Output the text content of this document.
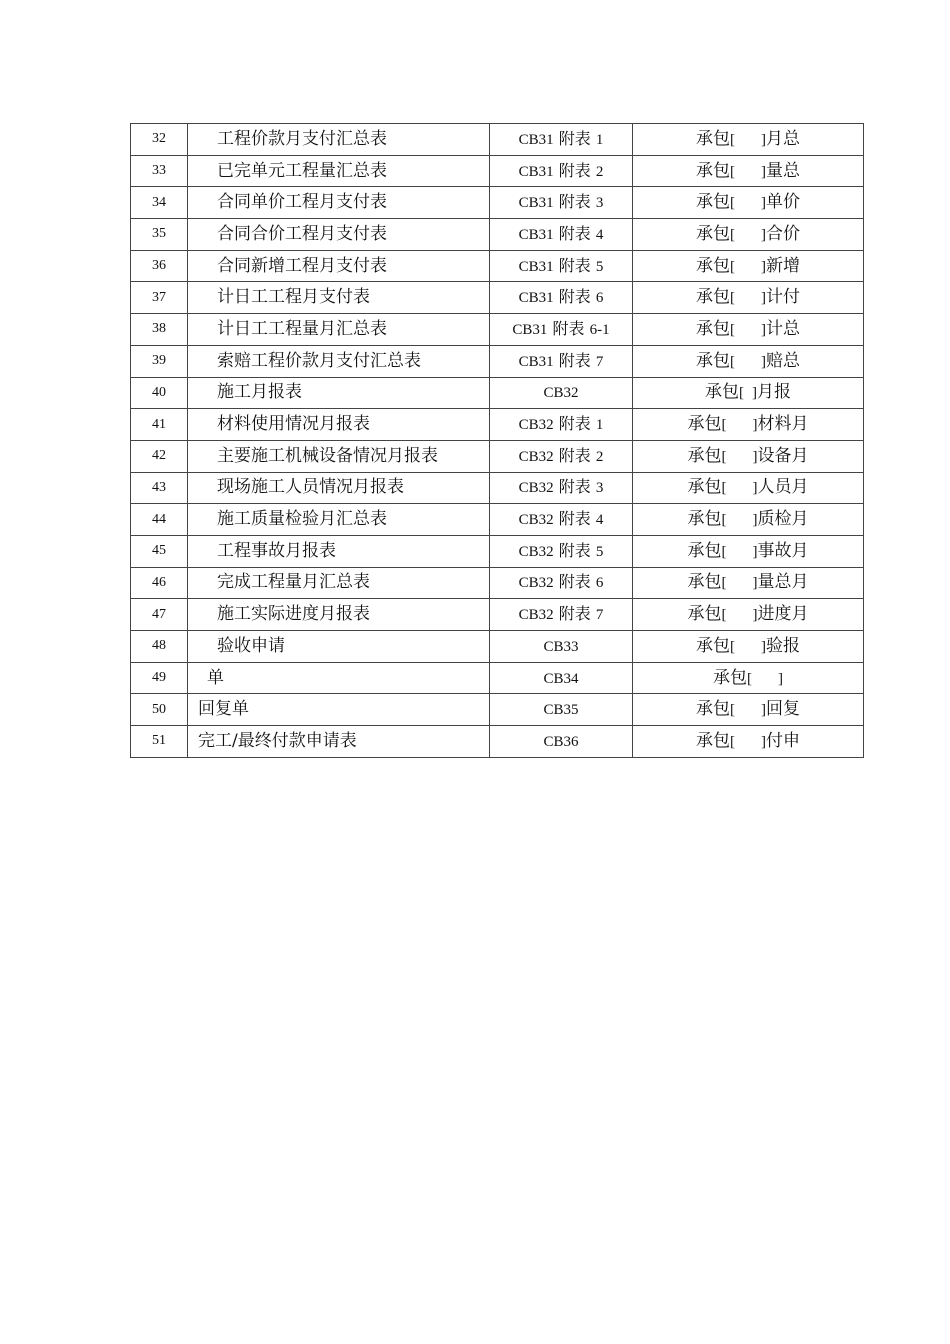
32	工程价款月支付汇总表	CB31 附表 1	承包[ ]月总
33	已完单元工程量汇总表	CB31 附表 2	承包[ ]量总
34	合同单价工程月支付表	CB31 附表 3	承包[ ]单价
35	合同合价工程月支付表	CB31 附表 4	承包[ ]合价
36	合同新增工程月支付表	CB31 附表 5	承包[ ]新增
37	计日工工程月支付表	CB31 附表 6	承包[ ]计付
38	计日工工程量月汇总表	CB31 附表 6-1	承包[ ]计总
39	索赔工程价款月支付汇总表	CB31 附表 7	承包[ ]赔总
40	施工月报表	CB32	承包[ ]月报
41	材料使用情况月报表	CB32 附表 1	承包[ ]材料月
42	主要施工机械设备情况月报表	CB32 附表 2	承包[ ]设备月
43	现场施工人员情况月报表	CB32 附表 3	承包[ ]人员月
44	施工质量检验月汇总表	CB32 附表 4	承包[ ]质检月
45	工程事故月报表	CB32 附表 5	承包[ ]事故月
46	完成工程量月汇总表	CB32 附表 6	承包[ ]量总月
47	施工实际进度月报表	CB32 附表 7	承包[ ]进度月
48	验收申请	CB33	承包[ ]验报
49	单	CB34	承包[ ]
50	回复单	CB35	承包[ ]回复
51	完工/最终付款申请表	CB36	承包[ ]付申
